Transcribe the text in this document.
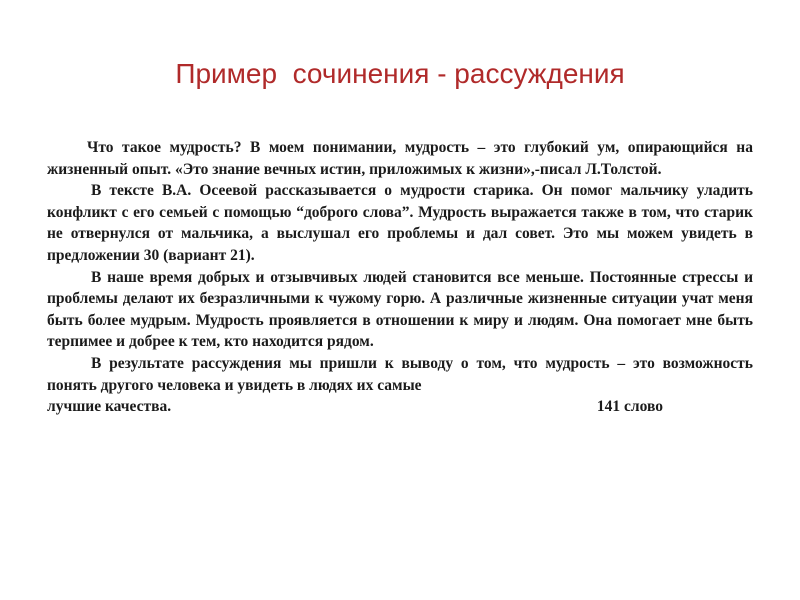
Пример  сочинения - рассуждения

Что такое мудрость? В моем понимании, мудрость – это глубокий ум, опирающийся на жизненный опыт. «Это знание вечных истин, приложимых к жизни»,-писал Л.Толстой.

В тексте В.А. Осеевой рассказывается о мудрости старика. Он помог мальчику уладить конфликт с его семьей с помощью “доброго слова”. Мудрость выражается также в том, что старик не отвернулся от мальчика, а выслушал его проблемы и дал совет. Это мы можем увидеть в предложении 30 (вариант 21).

В наше время добрых и отзывчивых людей становится все меньше. Постоянные стрессы и проблемы делают их безразличными к чужому горю. А различные жизненные ситуации учат меня быть более мудрым. Мудрость проявляется в отношении к миру и людям. Она помогает мне быть терпимее и добрее к тем, кто находится рядом.

В результате рассуждения мы пришли к выводу о том, что мудрость – это возможность понять другого человека и увидеть в людях их самые

лучшие качества.	141 слово
